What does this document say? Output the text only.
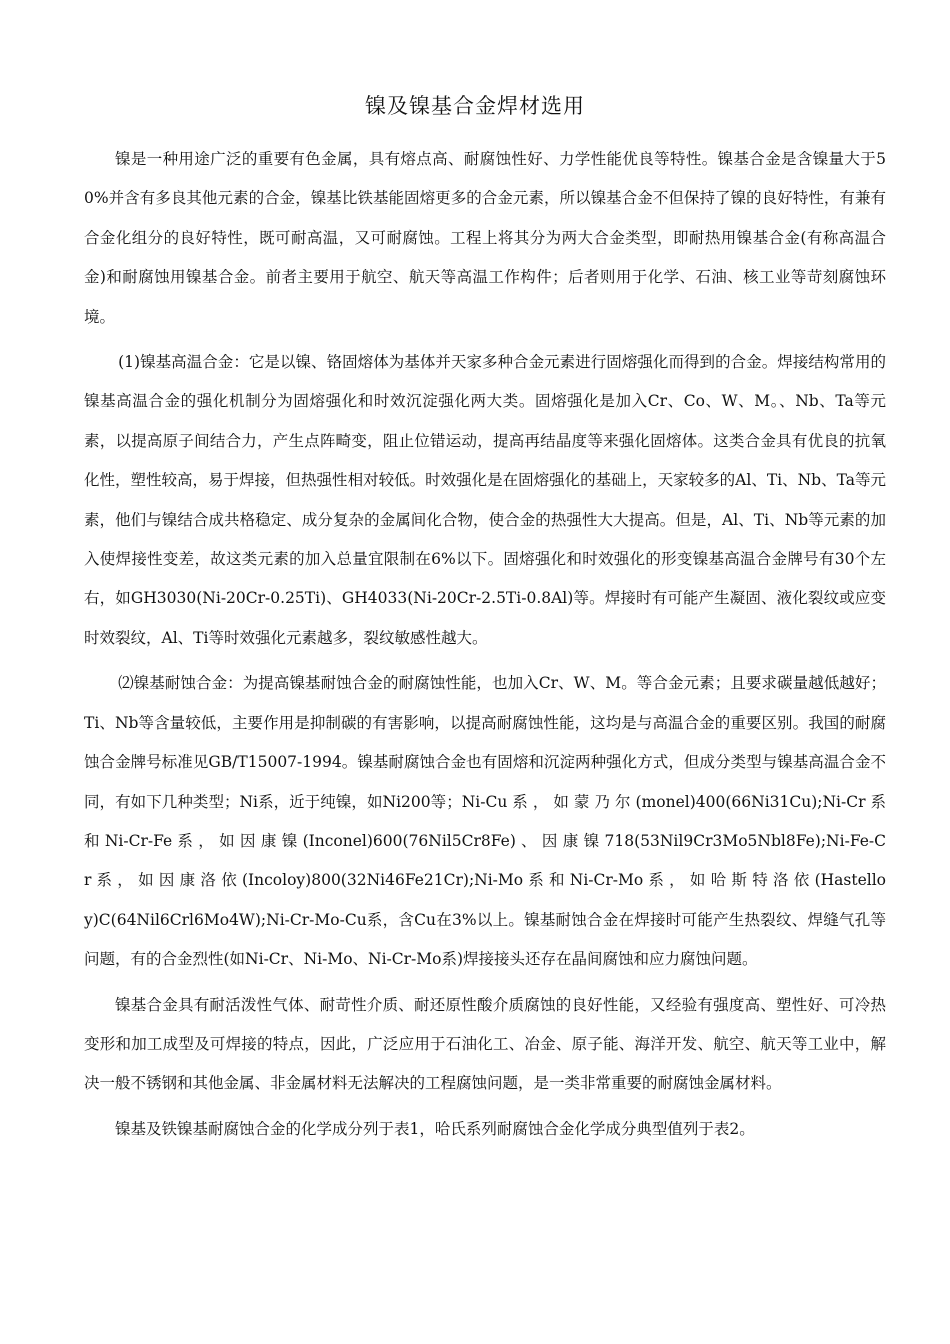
镍及镍基合金焊材选用

镍是一种用途广泛的重要有色金属，具有熔点高、耐腐蚀性好、力学性能优良等特性。镍基合金是含镍量大于50%并含有多良其他元素的合金，镍基比铁基能固熔更多的合金元素，所以镍基合金不但保持了镍的良好特性，有兼有合金化组分的良好特性，既可耐高温，又可耐腐蚀。工程上将其分为两大合金类型，即耐热用镍基合金(有称高温合金)和耐腐蚀用镍基合金。前者主要用于航空、航天等高温工作构件；后者则用于化学、石油、核工业等苛刻腐蚀环境。

(1)镍基高温合金：它是以镍、铬固熔体为基体并天家多种合金元素进行固熔强化而得到的合金。焊接结构常用的镍基高温合金的强化机制分为固熔强化和时效沉淀强化两大类。固熔强化是加入Cr、Co、W、M。、Nb、Ta等元素，以提高原子间结合力，产生点阵畸变，阻止位错运动，提高再结晶度等来强化固熔体。这类合金具有优良的抗氧化性，塑性较高，易于焊接，但热强性相对较低。时效强化是在固熔强化的基础上，天家较多的Al、Ti、Nb、Ta等元素，他们与镍结合成共格稳定、成分复杂的金属间化合物，使合金的热强性大大提高。但是，Al、Ti、Nb等元素的加入使焊接性变差，故这类元素的加入总量宜限制在6%以下。固熔强化和时效强化的形变镍基高温合金牌号有30个左右，如GH3030(Ni-20Cr-0.25Ti)、GH4033(Ni-20Cr-2.5Ti-0.8Al)等。焊接时有可能产生凝固、液化裂纹或应变时效裂纹，Al、Ti等时效强化元素越多，裂纹敏感性越大。

⑵镍基耐蚀合金：为提高镍基耐蚀合金的耐腐蚀性能，也加入Cr、W、M。等合金元素；且要求碳量越低越好；Ti、Nb等含量较低，主要作用是抑制碳的有害影响，以提高耐腐蚀性能，这均是与高温合金的重要区别。我国的耐腐蚀合金牌号标准见GB/T15007-1994。镍基耐腐蚀合金也有固熔和沉淀两种强化方式，但成分类型与镍基高温合金不同，有如下几种类型；Ni系，近于纯镍，如Ni200等；Ni-Cu 系 ， 如 蒙 乃 尔 (monel)400(66Ni31Cu);Ni-Cr 系 和 Ni-Cr-Fe 系 ， 如 因 康 镍 (Inconel)600(76Nil5Cr8Fe) 、 因 康 镍 718(53Nil9Cr3Mo5Nbl8Fe);Ni-Fe-Cr 系 ， 如 因 康 洛 依 (Incoloy)800(32Ni46Fe21Cr);Ni-Mo 系 和 Ni-Cr-Mo 系 ， 如 哈 斯 特 洛 依 (Hastelloy)C(64Nil6Crl6Mo4W);Ni-Cr-Mo-Cu系，含Cu在3%以上。镍基耐蚀合金在焊接时可能产生热裂纹、焊缝气孔等问题，有的合金烈性(如Ni-Cr、Ni-Mo、Ni-Cr-Mo系)焊接接头还存在晶间腐蚀和应力腐蚀问题。

镍基合金具有耐活泼性气体、耐苛性介质、耐还原性酸介质腐蚀的良好性能，又经验有强度高、塑性好、可冷热变形和加工成型及可焊接的特点，因此，广泛应用于石油化工、冶金、原子能、海洋开发、航空、航天等工业中，解决一般不锈钢和其他金属、非金属材料无法解决的工程腐蚀问题，是一类非常重要的耐腐蚀金属材料。

镍基及铁镍基耐腐蚀合金的化学成分列于表1，哈氏系列耐腐蚀合金化学成分典型值列于表2。
